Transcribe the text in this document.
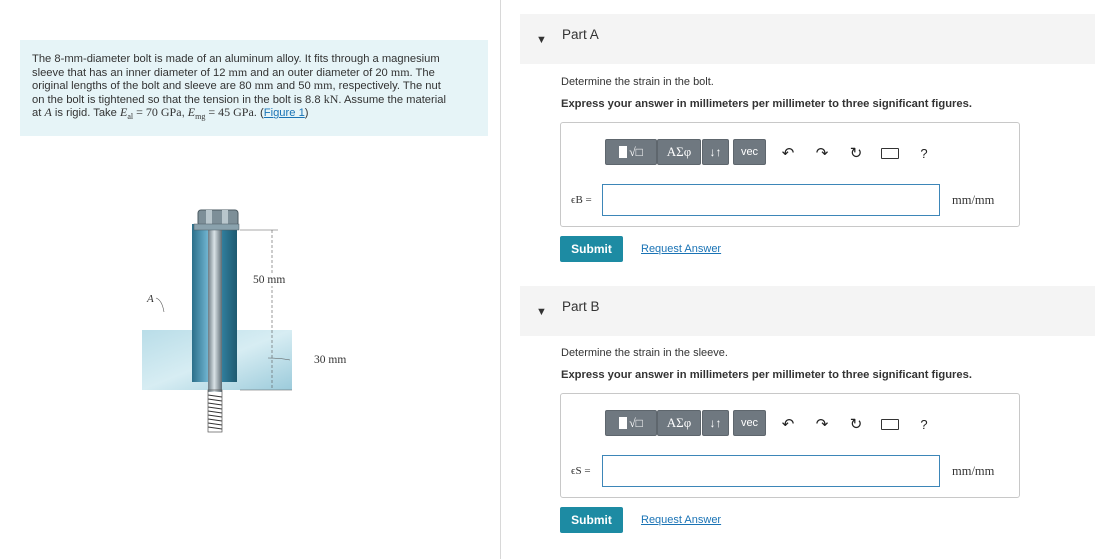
The 8-mm-diameter bolt is made of an aluminum alloy. It fits through a magnesium
sleeve that has an inner diameter of 12 mm and an outer diameter of 20 mm. The
original lengths of the bolt and sleeve are 80 mm and 50 mm, respectively. The nut
on the bolt is tightened so that the tension in the bolt is 8.8 kN. Assume the material
at A is rigid. Take $E_{al} = 70$ GPa, $E_{mg} = 45$ GPa. (Figure 1)
A
50 mm
30 mm
▼ Part A
Determine the strain in the bolt.
Express your answer in millimeters per millimeter to three significant figures.
√□	ΑΣφ	↓↑	vec	↶ ↷ ↻	?
ϵB =	mm/mm
Submit	Request Answer
▼ Part B
Determine the strain in the sleeve.
Express your answer in millimeters per millimeter to three significant figures.
√□	ΑΣφ	↓↑	vec	↶ ↷ ↻	?
ϵS =	mm/mm
Submit	Request Answer
